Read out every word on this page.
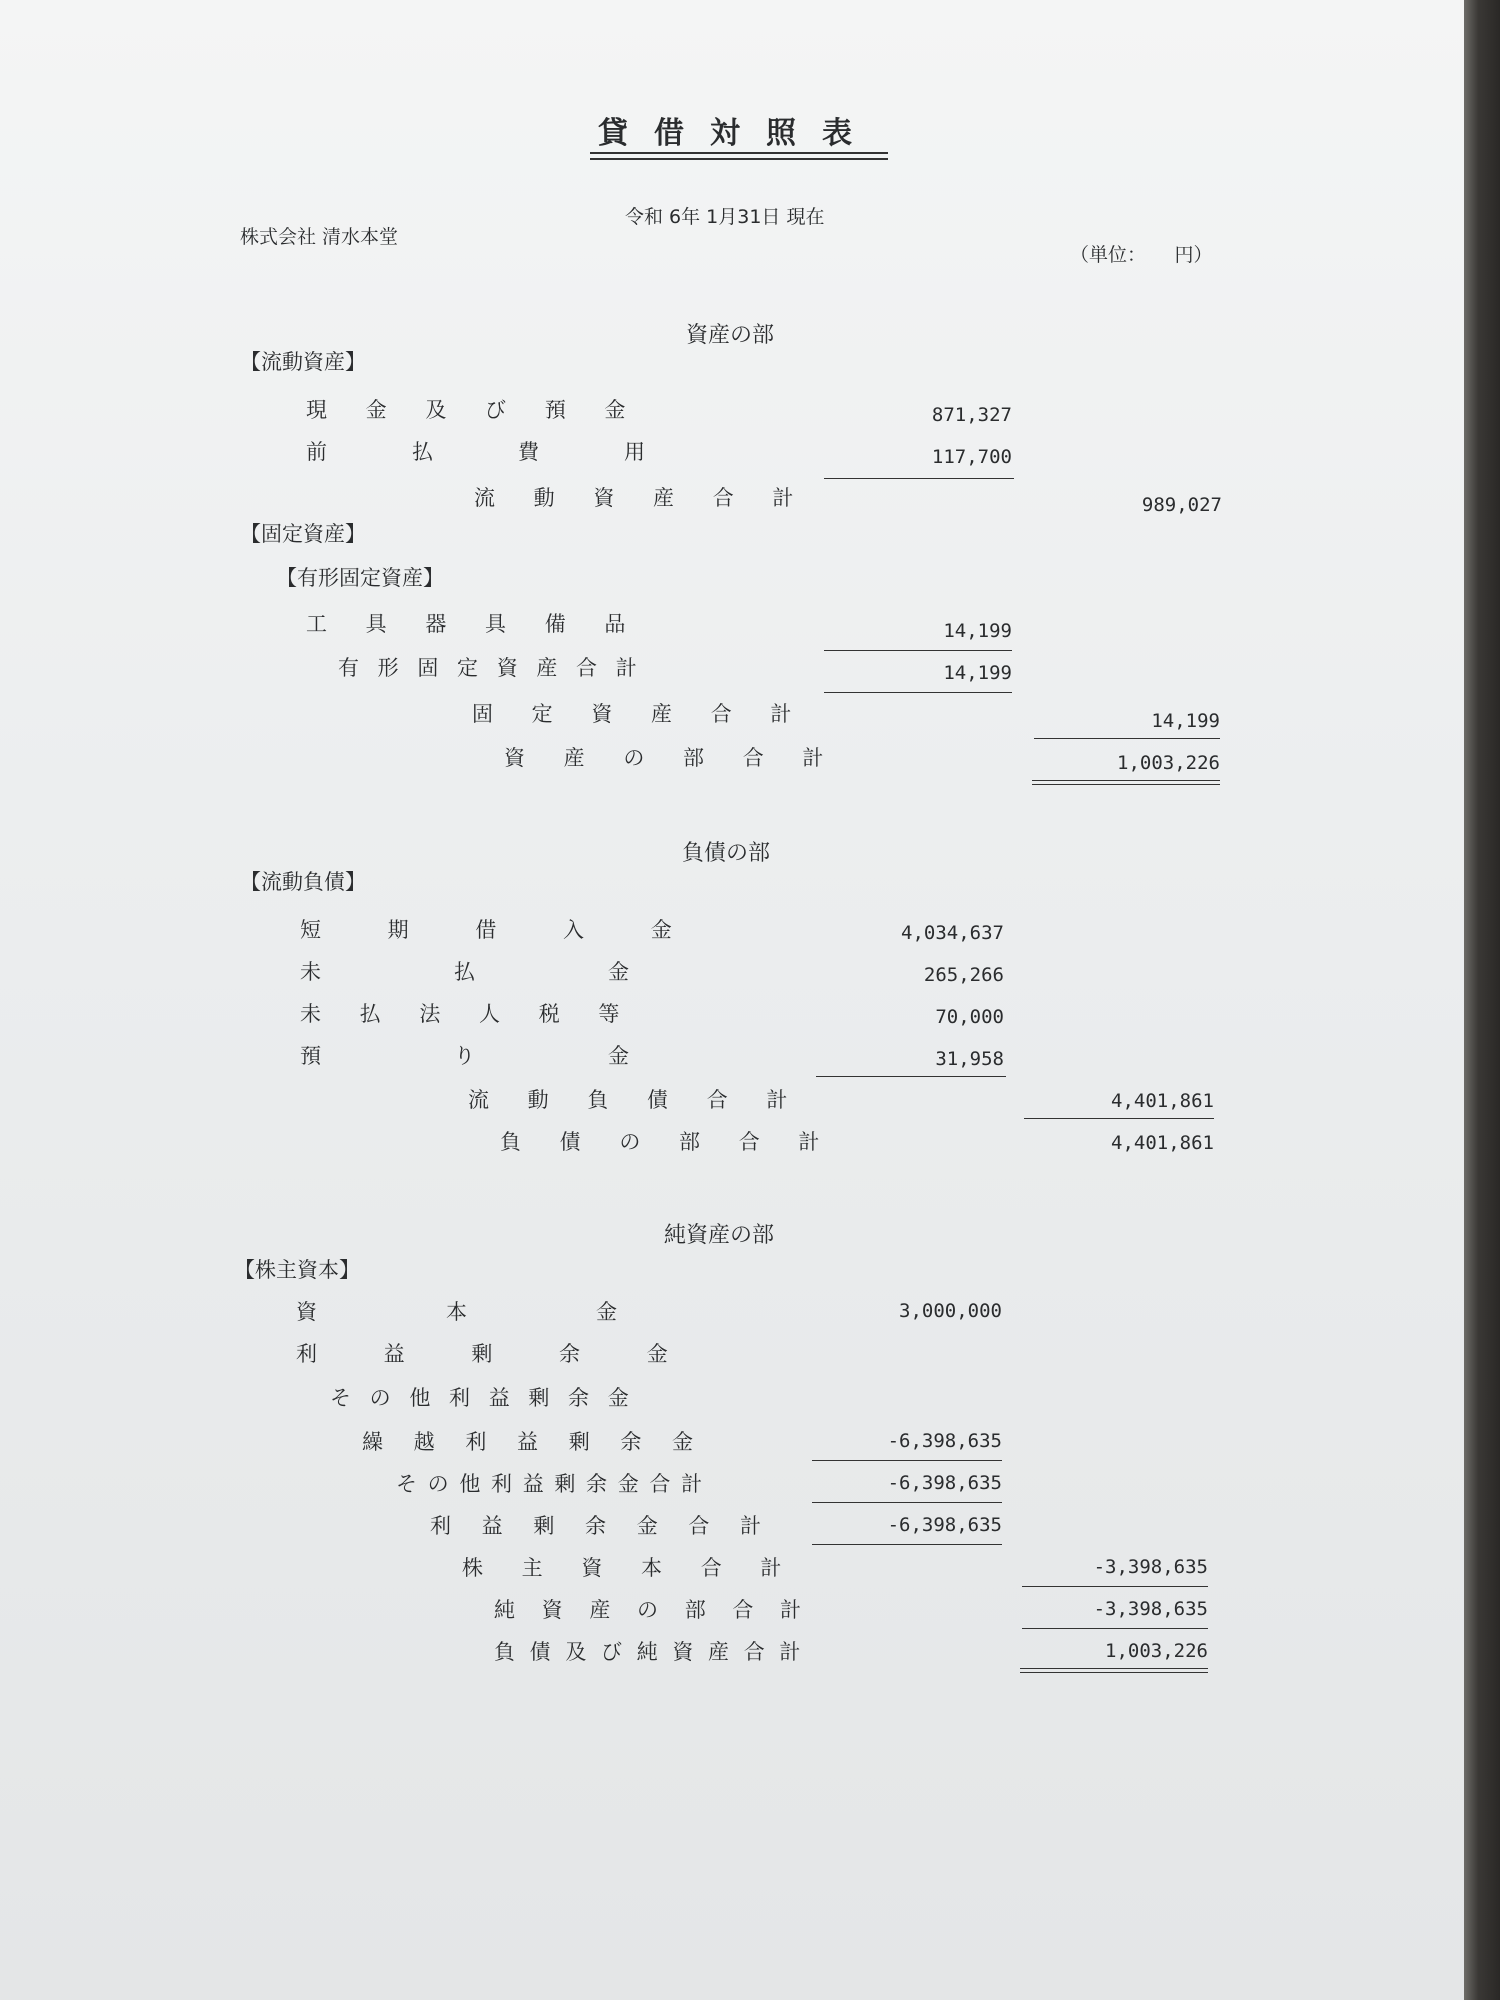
貸借対照表
令和 6年 1月31日 現在
株式会社 清水本堂
（単位：　　円）
資産の部
【流動資産】
現 金 及 び 預 金	871,327
前　払　費　用	117,700
流 動 資 産 合 計	989,027
【固定資産】
【有形固定資産】
工 具 器 具 備 品	14,199
有 形 固 定 資 産 合 計	14,199
固 定 資 産 合 計	14,199
資 産 の 部 合 計	1,003,226
負債の部
【流動負債】
短 期 借 入 金	4,034,637
未　払　金	265,266
未 払 法 人 税 等	70,000
預　り　金	31,958
流 動 負 債 合 計	4,401,861
負 債 の 部 合 計	4,401,861
純資産の部
【株主資本】
資　本　金	3,000,000
利 益 剰 余 金
そ の 他 利 益 剰 余 金
繰 越 利 益 剰 余 金	-6,398,635
そ の 他 利 益 剰 余 金 合 計	-6,398,635
利 益 剰 余 金 合 計	-6,398,635
株 主 資 本 合 計	-3,398,635
純 資 産 の 部 合 計	-3,398,635
負 債 及 び 純 資 産 合 計	1,003,226
